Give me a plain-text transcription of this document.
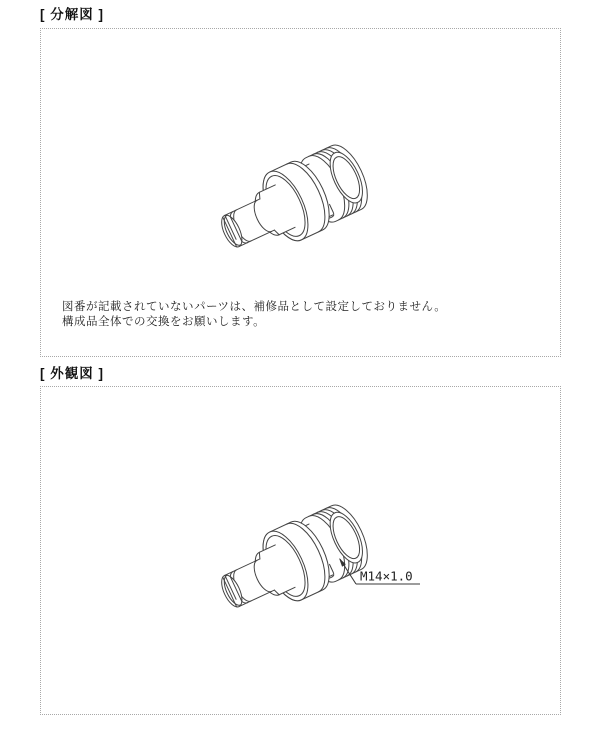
[ 分解図 ]
図番が記載されていないパーツは、補修品として設定しておりません。
構成品全体での交換をお願いします。
[ 外観図 ]
M14×1.0
